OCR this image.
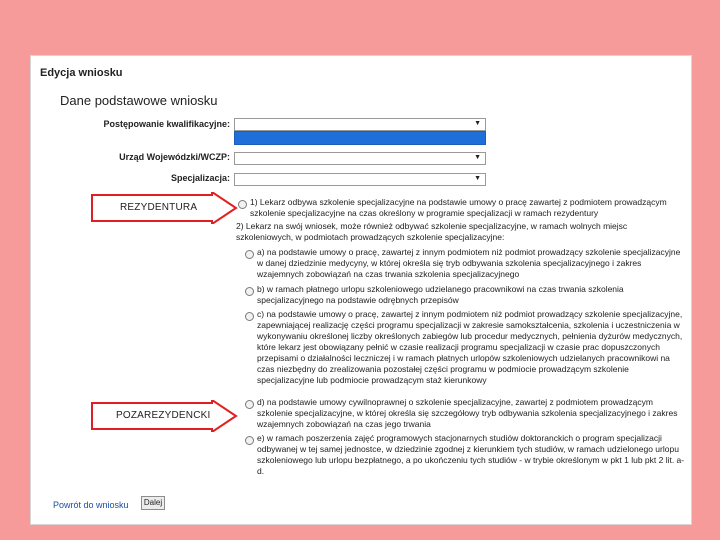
Edycja wniosku
Dane podstawowe wniosku
Postępowanie kwalifikacyjne:	▼
Urząd Wojewódzki/WCZP:	▼
Specjalizacja:	▼
1) Lekarz odbywa szkolenie specjalizacyjne na podstawie umowy o pracę zawartej z podmiotem prowadzącym szkolenie specjalizacyjne na czas określony w programie specjalizacji w ramach rezydentury
2) Lekarz na swój wniosek, może również odbywać szkolenie specjalizacyjne, w ramach wolnych miejsc szkoleniowych, w podmiotach prowadzących szkolenie specjalizacyjne:
a) na podstawie umowy o pracę, zawartej z innym podmiotem niż podmiot prowadzący szkolenie specjalizacyjne w danej dziedzinie medycyny, w której określa się tryb odbywania szkolenia specjalizacyjnego i zakres wzajemnych zobowiązań na czas trwania szkolenia specjalizacyjnego
b) w ramach płatnego urlopu szkoleniowego udzielanego pracownikowi na czas trwania szkolenia specjalizacyjnego na podstawie odrębnych przepisów
c) na podstawie umowy o pracę, zawartej z innym podmiotem niż podmiot prowadzący szkolenie specjalizacyjne, zapewniającej realizację części programu specjalizacji w zakresie samokształcenia, szkolenia i uczestniczenia w wykonywaniu określonej liczby określonych zabiegów lub procedur medycznych, pełnienia dyżurów medycznych, które lekarz jest obowiązany pełnić w czasie realizacji programu specjalizacji w czasie prac dopuszczonych przepisami o działalności leczniczej i w ramach płatnych urlopów szkoleniowych udzielanych pracownikowi na czas niezbędny do zrealizowania pozostałej części programu w podmiocie prowadzącym szkolenie specjalizacyjne lub podmiocie prowadzącym staż kierunkowy
d) na podstawie umowy cywilnoprawnej o szkolenie specjalizacyjne, zawartej z podmiotem prowadzącym szkolenie specjalizacyjne, w której określa się szczegółowy tryb odbywania szkolenia specjalizacyjnego i zakres wzajemnych zobowiązań na czas jego trwania
e) w ramach poszerzenia zajęć programowych stacjonarnych studiów doktoranckich o program specjalizacji odbywanej w tej samej jednostce, w dziedzinie zgodnej z kierunkiem tych studiów, w ramach udzielonego urlopu szkoleniowego lub urlopu bezpłatnego, a po ukończeniu tych studiów - w trybie określonym w pkt 1 lub pkt 2 lit. a-d.
REZYDENTURA
POZAREZYDENCKI
Powrót do wniosku	Dalej
